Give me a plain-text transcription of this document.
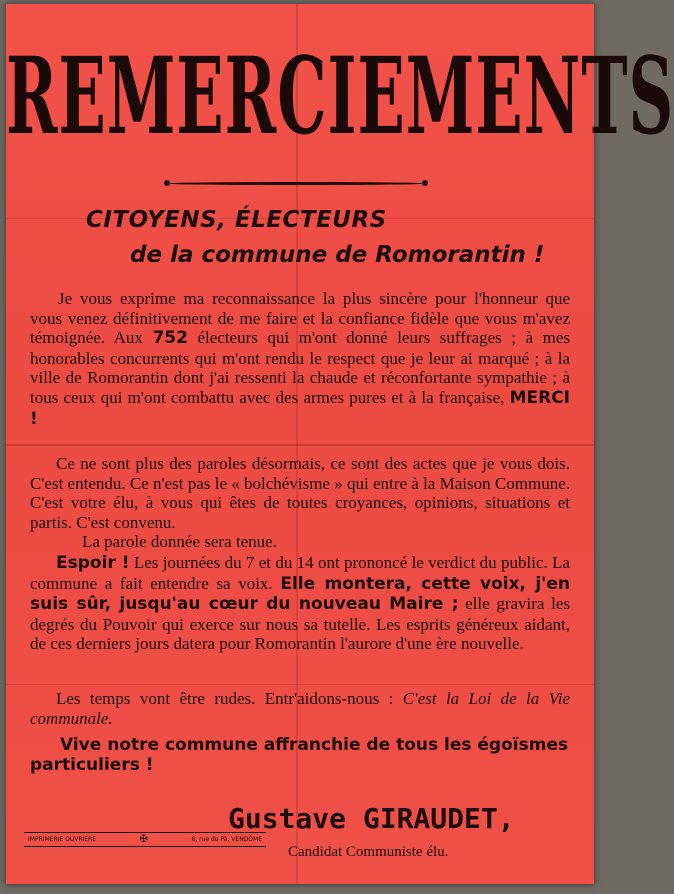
REMERCIEMENTS

CITOYENS, ÉLECTEURS

de la commune de Romorantin !

Je vous exprime ma reconnaissance la plus sincère pour l'honneur que vous venez définitivement de me faire et la confiance fidèle que vous m'avez témoignée. Aux 752 électeurs qui m'ont donné leurs suffrages ; à mes honorables concurrents qui m'ont rendu le respect que je leur ai marqué ; à la ville de Romorantin dont j'ai ressenti la chaude et réconfortante sympathie ; à tous ceux qui m'ont combattu avec des armes pures et à la française, MERCI !

Ce ne sont plus des paroles désormais, ce sont des actes que je vous dois. C'est entendu. Ce n'est pas le « bolchévisme » qui entre à la Maison Commune. C'est votre élu, à vous qui êtes de toutes croyances, opinions, situations et partis. C'est convenu.
La parole donnée sera tenue.

Espoir ! Les journées du 7 et du 14 ont prononcé le verdict du public. La commune a fait entendre sa voix. Elle montera, cette voix, j'en suis sûr, jusqu'au cœur du nouveau Maire ; elle gravira les degrés du Pouvoir qui exerce sur nous sa tutelle. Les esprits généreux aidant, de ces derniers jours datera pour Romorantin l'aurore d'une ère nouvelle.

Les temps vont être rudes. Entr'aidons-nous : C'est la Loi de la Vie communale.

Vive notre commune affranchie de tous les égoïsmes particuliers !

Gustave GIRAUDET,

Candidat Communiste élu.

IMPRIMERIE OUVRIÈRE	✠	6, rue du Pâ, VENDÔME
